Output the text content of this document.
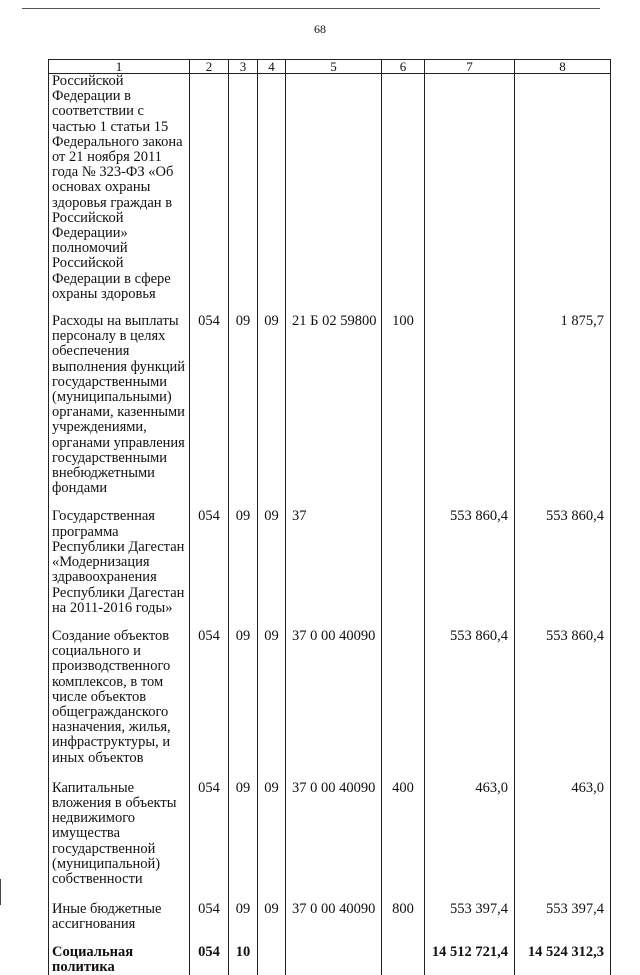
68
1	2	3	4	5	6	7	8
Российской Федерации в соответствии с частью 1 статьи 15 Федерального закона от 21 ноября 2011 года № 323-ФЗ «Об основах охраны здоровья граждан в Российской Федерации» полномочий Российской Федерации в сфере охраны здоровья							
Расходы на выплаты персоналу в целях обеспечения выполнения функций государственными (муниципальными) органами, казенными учреждениями, органами управления государственными внебюджетными фондами	054	09	09	21 Б 02 59800	100		1 875,7
Государственная программа Республики Дагестан «Модернизация здравоохранения Республики Дагестан на 2011-2016 годы»	054	09	09	37		553 860,4	553 860,4
Создание объектов социального и производственного комплексов, в том числе объектов общегражданского назначения, жилья, инфраструктуры, и иных объектов	054	09	09	37 0 00 40090		553 860,4	553 860,4
Капитальные вложения в объекты недвижимого имущества государственной (муниципальной) собственности	054	09	09	37 0 00 40090	400	463,0	463,0
Иные бюджетные ассигнования	054	09	09	37 0 00 40090	800	553 397,4	553 397,4
Социальная политика	054	10				14 512 721,4	14 524 312,3
